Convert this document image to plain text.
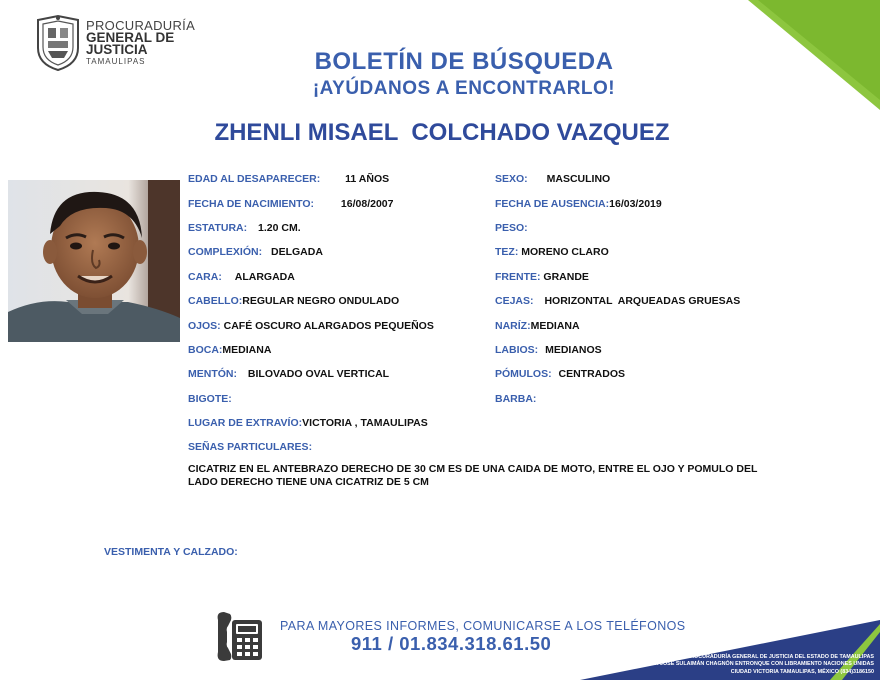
PROCURADURÍA
GENERAL DE
JUSTICIA
TAMAULIPAS	BOLETÍN DE BÚSQUEDA
¡AYÚDANOS A ENCONTRARLO!
ZHENLI MISAEL  COLCHADO VAZQUEZ
EDAD AL DESAPARECER: 11 AÑOS
FECHA DE NACIMIENTO:	16/08/2007
ESTATURA: 1.20 CM.
COMPLEXIÓN: DELGADA
CARA: ALARGADA
CABELLO:REGULAR NEGRO ONDULADO
OJOS: CAFÉ OSCURO ALARGADOS PEQUEÑOS
BOCA:MEDIANA
MENTÓN: BILOVADO OVAL VERTICAL
BIGOTE:
LUGAR DE EXTRAVÍO:VICTORIA , TAMAULIPAS
SEÑAS PARTICULARES:
SEXO: MASCULINO
FECHA DE AUSENCIA:16/03/2019
PESO:
TEZ: MORENO CLARO
FRENTE: GRANDE
CEJAS: HORIZONTAL  ARQUEADAS GRUESAS
NARÍZ:MEDIANA
LABIOS: MEDIANOS
PÓMULOS: CENTRADOS
BARBA:
CICATRIZ EN EL ANTEBRAZO DERECHO DE 30 CM ES DE UNA CAIDA DE MOTO, ENTRE EL OJO Y POMULO DEL LADO DERECHO TIENE UNA CICATRIZ DE 5 CM
VESTIMENTA Y CALZADO:
PARA MAYORES INFORMES, COMUNICARSE A LOS TELÉFONOS
911 / 01.834.318.61.50
PROCURADURÍA GENERAL DE JUSTICIA DEL ESTADO DE TAMAULIPAS
AV. JOSÉ SULAIMÁN CHAGNÓN ENTRONQUE CON LIBRAMIENTO NACIONES UNIDAS
CIUDAD VICTORIA TAMAULIPAS, MÉXICO (834)3186150
